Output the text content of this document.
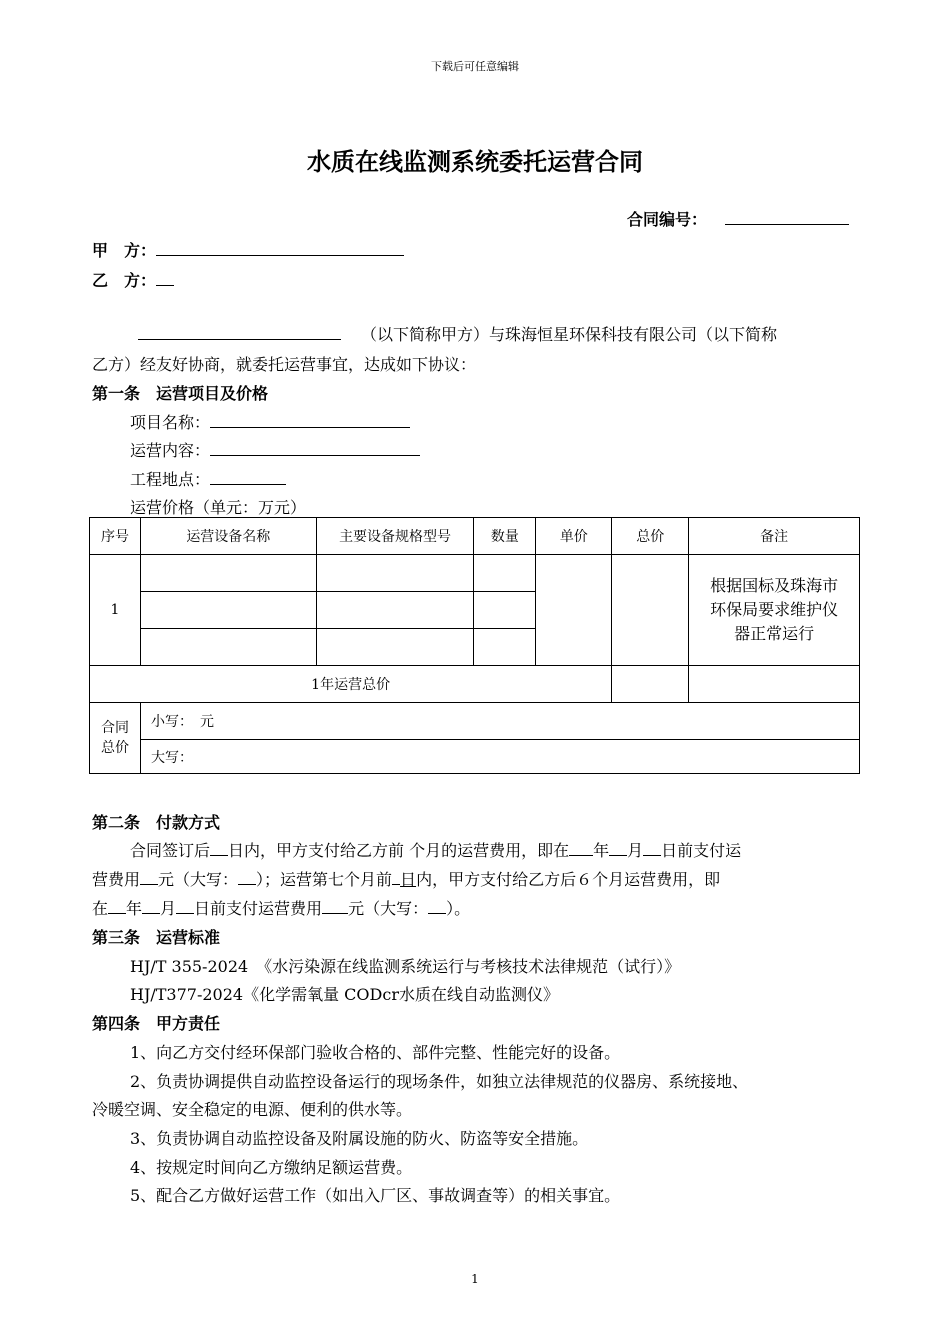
下载后可任意编辑
水质在线监测系统委托运营合同
合同编号：
甲　方：
乙　方：
（以下简称甲方）与珠海恒星环保科技有限公司（以下简称
乙方）经友好协商，就委托运营事宜，达成如下协议：
第一条　运营项目及价格
项目名称：
运营内容：
工程地点：
运营价格（单元：万元）
序号	运营设备名称	主要设备规格型号	数量	单价	总价	备注
1						根据国标及珠海市环保局要求维护仪器正常运行

1年运营总价						
合同总价	小写：　元					
	大写：					
第二条　付款方式
合同签订后 日内，甲方支付给乙方前 个月的运营费用，即在 年 月 日前支付运
营费用 元（大写： ）；运营第七个月前 日内，甲方支付给乙方后６个月运营费用，即
在 年 月 日前支付运营费用 元（大写： ）。
第三条　运营标准
HJ/T 355-2024　《水污染源在线监测系统运行与考核技术法律规范（试行）》
HJ/T377-2024《化学需氧量 CODcr水质在线自动监测仪》
第四条　甲方责任
1、向乙方交付经环保部门验收合格的、部件完整、性能完好的设备。
2、负责协调提供自动监控设备运行的现场条件，如独立法律规范的仪器房、系统接地、
冷暖空调、安全稳定的电源、便利的供水等。
3、负责协调自动监控设备及附属设施的防火、防盗等安全措施。
4、按规定时间向乙方缴纳足额运营费。
5、配合乙方做好运营工作（如出入厂区、事故调查等）的相关事宜。
1
